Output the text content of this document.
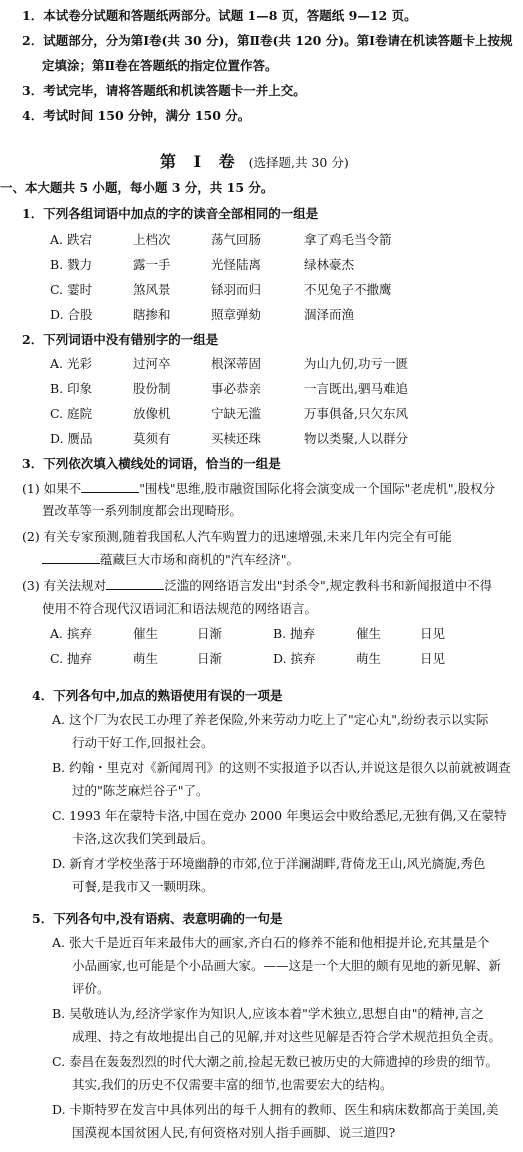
1．本试卷分试题和答题纸两部分。试题 1—8 页，答题纸 9—12 页。
2．试题部分，分为第Ⅰ卷(共 30 分)，第Ⅱ卷(共 120 分)。第Ⅰ卷请在机读答题卡上按规
定填涂；第Ⅱ卷在答题纸的指定位置作答。
3．考试完毕，请将答题纸和机读答题卡一并上交。
4．考试时间 150 分钟，满分 150 分。
第 Ⅰ 卷 (选择题,共 30 分)
一、本大题共 5 小题，每小题 3 分，共 15 分。
1．下列各组词语中加点的字的读音全部相同的一组是
A. 跌宕	上档次	荡气回肠	拿了鸡毛当令箭
B. 戮力	露一手	光怪陆离	绿林豪杰
C. 霎时	煞风景	铩羽而归	不见兔子不撒鹰
D. 合股	瞎掺和	照章弹劾	涸泽而渔
2．下列词语中没有错别字的一组是
A. 光彩	过河卒	根深蒂固	为山九仞,功亏一匮
B. 印象	股份制	事必恭亲	一言既出,驷马难追
C. 庭院	放像机	宁缺无滥	万事俱备,只欠东风
D. 赝品	莫须有	买椟还珠	物以类聚,人以群分
3．下列依次填入横线处的词语，恰当的一组是
(1) 如果不	"围栈"思维,股市融资国际化将会演变成一个国际"老虎机",股权分
置改革等一系列制度都会出现畸形。
(2) 有关专家预测,随着我国私人汽车购置力的迅速增强,未来几年内完全有可能
蕴藏巨大市场和商机的"汽车经济"。
(3) 有关法规对	泛滥的网络语言发出"封杀令",规定教科书和新闻报道中不得
使用不符合现代汉语词汇和语法规范的网络语言。
A. 摈弃	催生	日渐	B. 抛弃	催生	日见
C. 抛弃	萌生	日渐	D. 摈弃	萌生	日见
4．下列各句中,加点的熟语使用有误的一项是
A. 这个厂为农民工办理了养老保险,外来劳动力吃上了"定心丸",纷纷表示以实际
行动干好工作,回报社会。
B. 约翰・里克对《新闻周刊》的这则不实报道予以否认,并说这是很久以前就被调查
过的"陈芝麻烂谷子"了。
C. 1993 年在蒙特卡洛,中国在竞办 2000 年奥运会中败给悉尼,无独有偶,又在蒙特
卡洛,这次我们笑到最后。
D. 新育才学校坐落于环境幽静的市郊,位于洋澜湖畔,背倚龙王山,风光旖旎,秀色
可餐,是我市又一颗明珠。
5．下列各句中,没有语病、表意明确的一句是
A. 张大千是近百年来最伟大的画家,齐白石的修养不能和他相提并论,充其量是个
小品画家,也可能是个小品画大家。——这是一个大胆的颇有见地的新见解、新
评价。
B. 吴敬琏认为,经济学家作为知识人,应该本着"学术独立,思想自由"的精神,言之
成理、持之有故地提出自己的见解,并对这些见解是否符合学术规范担负全责。
C. 泰昌在轰轰烈烈的时代大潮之前,捡起无数已被历史的大筛遗掉的珍贵的细节。
其实,我们的历史不仅需要丰富的细节,也需要宏大的结构。
D. 卡斯特罗在发言中具体列出的每千人拥有的教师、医生和病床数都高于美国,美
国漠视本国贫困人民,有何资格对别人指手画脚、说三道四?
